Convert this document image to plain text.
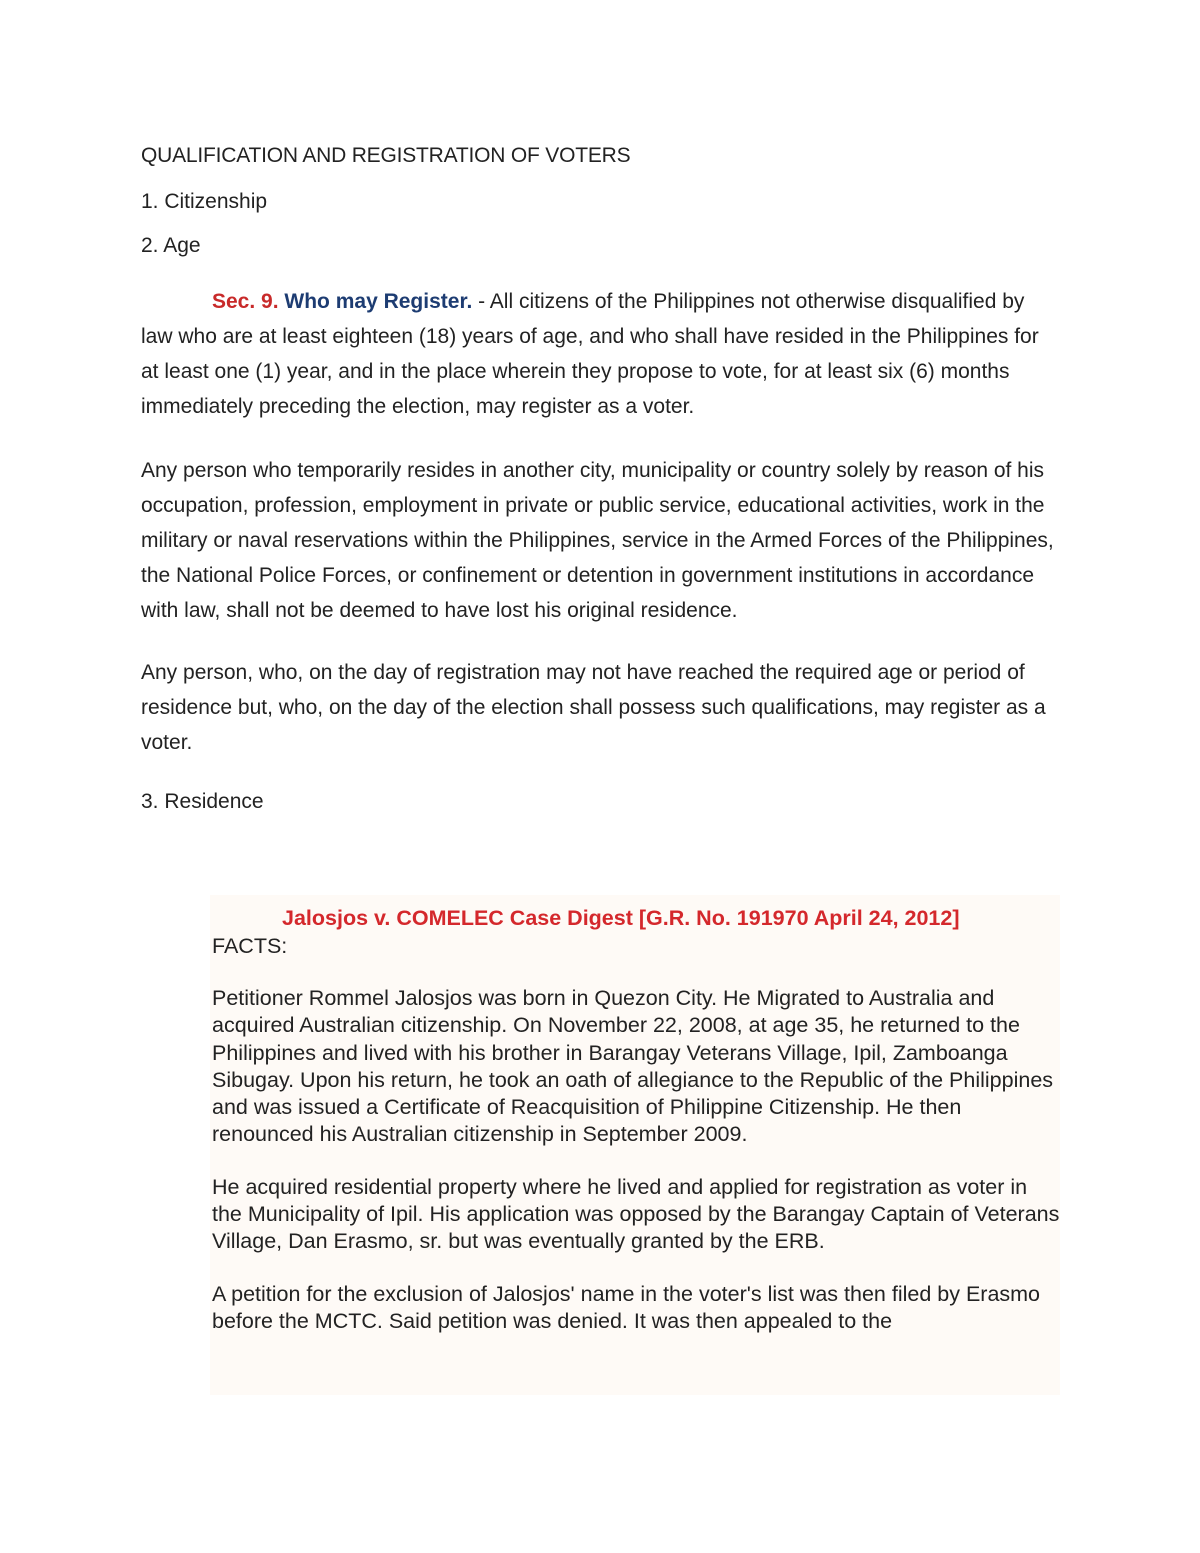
QUALIFICATION AND REGISTRATION OF VOTERS

1. Citizenship

2. Age

Sec. 9. Who may Register. - All citizens of the Philippines not otherwise disqualified by law who are at least eighteen (18) years of age, and who shall have resided in the Philippines for at least one (1) year, and in the place wherein they propose to vote, for at least six (6) months immediately preceding the election, may register as a voter.

Any person who temporarily resides in another city, municipality or country solely by reason of his occupation, profession, employment in private or public service, educational activities, work in the military or naval reservations within the Philippines, service in the Armed Forces of the Philippines, the National Police Forces, or confinement or detention in government institutions in accordance with law, shall not be deemed to have lost his original residence.

Any person, who, on the day of registration may not have reached the required age or period of residence but, who, on the day of the election shall possess such qualifications, may register as a voter.

3. Residence

Jalosjos v. COMELEC Case Digest [G.R. No. 191970 April 24, 2012]

FACTS:

Petitioner Rommel Jalosjos was born in Quezon City. He Migrated to Australia and acquired Australian citizenship. On November 22, 2008, at age 35, he returned to the Philippines and lived with his brother in Barangay Veterans Village, Ipil, Zamboanga Sibugay. Upon his return, he took an oath of allegiance to the Republic of the Philippines and was issued a Certificate of Reacquisition of Philippine Citizenship. He then renounced his Australian citizenship in September 2009.

He acquired residential property where he lived and applied for registration as voter in the Municipality of Ipil. His application was opposed by the Barangay Captain of Veterans Village, Dan Erasmo, sr. but was eventually granted by the ERB.

A petition for the exclusion of Jalosjos' name in the voter's list was then filed by Erasmo before the MCTC. Said petition was denied. It was then appealed to the
